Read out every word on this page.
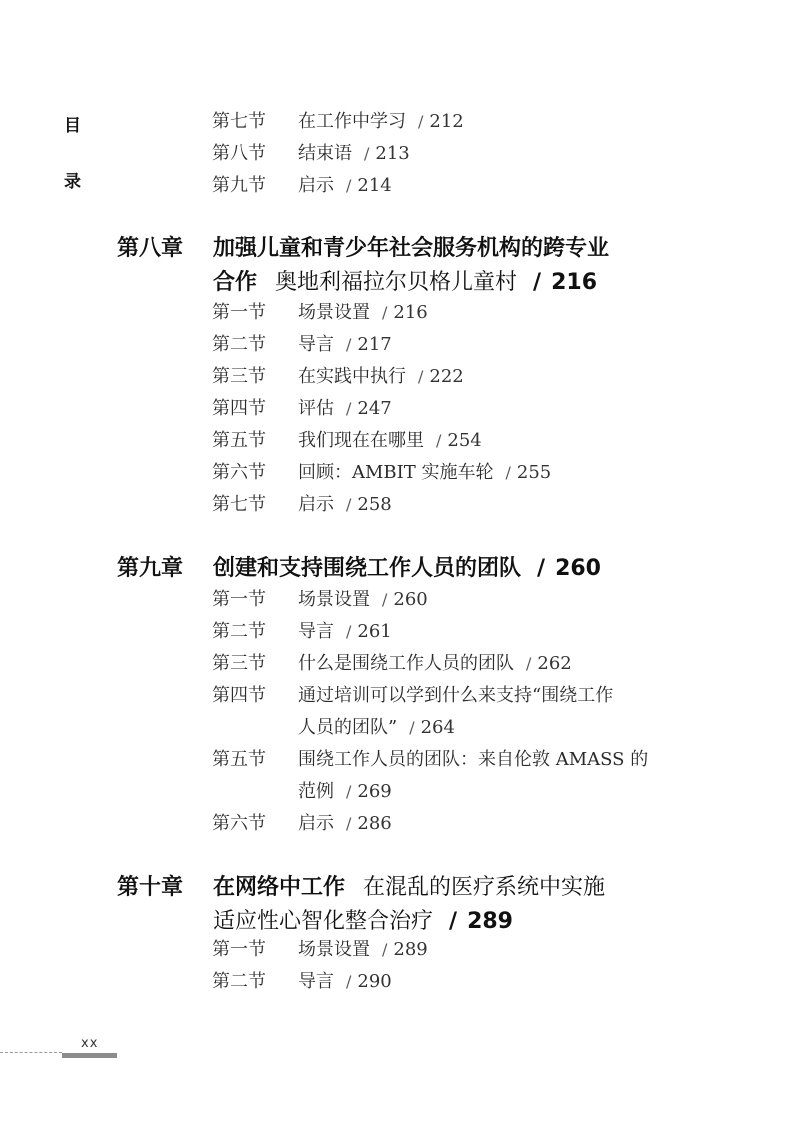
目
录
第七节 在工作中学习 / 212
第八节 结束语 / 213
第九节 启示 / 214
第八章 加强儿童和青少年社会服务机构的跨专业
合作 奥地利福拉尔贝格儿童村 / 216
第一节 场景设置 / 216
第二节 导言 / 217
第三节 在实践中执行 / 222
第四节 评估 / 247
第五节 我们现在在哪里 / 254
第六节 回顾：AMBIT 实施车轮 / 255
第七节 启示 / 258
第九章 创建和支持围绕工作人员的团队 / 260
第一节 场景设置 / 260
第二节 导言 / 261
第三节 什么是围绕工作人员的团队 / 262
第四节 通过培训可以学到什么来支持“围绕工作
人员的团队” / 264
第五节 围绕工作人员的团队：来自伦敦 AMASS 的
范例 / 269
第六节 启示 / 286
第十章 在网络中工作 在混乱的医疗系统中实施
适应性心智化整合治疗 / 289
第一节 场景设置 / 289
第二节 导言 / 290
xx
